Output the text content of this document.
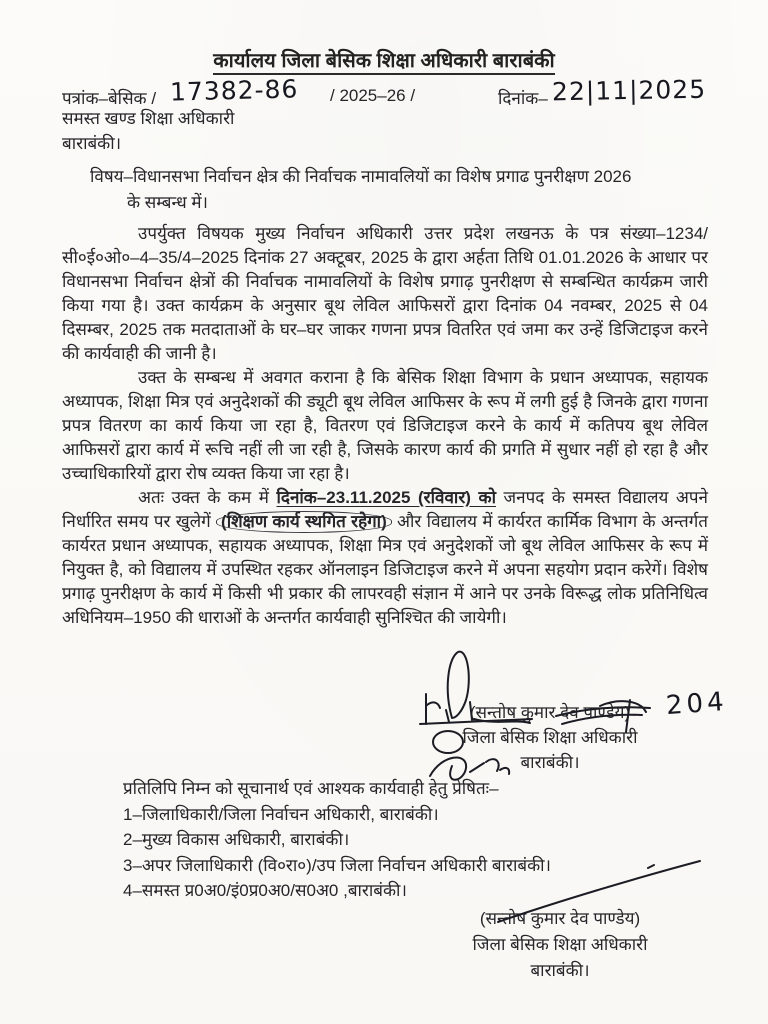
कार्यालय जिला बेसिक शिक्षा अधिकारी बाराबंकी
पत्रांक–बेसिक / 17382-86 / 2025–26 /	दिनांक– 22|11|2025
समस्त खण्ड शिक्षा अधिकारी
बाराबंकी।
विषय–विधानसभा निर्वाचन क्षेत्र की निर्वाचक नामावलियों का विशेष प्रगाढ पुनरीक्षण 2026
के सम्बन्ध में।

उपर्युक्त विषयक मुख्य निर्वाचन अधिकारी उत्तर प्रदेश लखनऊ के पत्र संख्या–1234/सी०ई०ओ०–4–35/4–2025 दिनांक 27 अक्टूबर, 2025 के द्वारा अर्हता तिथि 01.01.2026 के आधार पर विधानसभा निर्वाचन क्षेत्रों की निर्वाचक नामावलियों के विशेष प्रगाढ़ पुनरीक्षण से सम्बन्धित कार्यक्रम जारी किया गया है। उक्त कार्यक्रम के अनुसार बूथ लेविल आफिसरों द्वारा दिनांक 04 नवम्बर, 2025 से 04 दिसम्बर, 2025 तक मतदाताओं के घर–घर जाकर गणना प्रपत्र वितरित एवं जमा कर उन्हें डिजिटाइज करने की कार्यवाही की जानी है।

उक्त के सम्बन्ध में अवगत कराना है कि बेसिक शिक्षा विभाग के प्रधान अध्यापक, सहायक अध्यापक, शिक्षा मित्र एवं अनुदेशकों की ड्यूटी बूथ लेविल आफिसर के रूप में लगी हुई है जिनके द्वारा गणना प्रपत्र वितरण का कार्य किया जा रहा है, वितरण एवं डिजिटाइज करने के कार्य में कतिपय बूथ लेविल आफिसरों द्वारा कार्य में रूचि नहीं ली जा रही है, जिसके कारण कार्य की प्रगति में सुधार नहीं हो रहा है और उच्चाधिकारियों द्वारा रोष व्यक्त किया जा रहा है।

अतः उक्त के कम में दिनांक–23.11.2025 (रविवार) को जनपद के समस्त विद्यालय अपने निर्धारित समय पर खुलेगें (शिक्षण कार्य स्थगित रहेगा) और विद्यालय में कार्यरत कार्मिक विभाग के अन्तर्गत कार्यरत प्रधान अध्यापक, सहायक अध्यापक, शिक्षा मित्र एवं अनुदेशकों जो बूथ लेविल आफिसर के रूप में नियुक्त है, को विद्यालय में उपस्थित रहकर ऑनलाइन डिजिटाइज करने में अपना सहयोग प्रदान करेगें। विशेष प्रगाढ़ पुनरीक्षण के कार्य में किसी भी प्रकार की लापरवही संज्ञान में आने पर उनके विरूद्ध लोक प्रतिनिधित्व अधिनियम–1950 की धाराओं के अन्तर्गत कार्यवाही सुनिश्चित की जायेगी।

(सन्तोष कुमार देव पाण्डेय) 204
जिला बेसिक शिक्षा अधिकारी
बाराबंकी।
प्रतिलिपि निम्न को सूचानार्थ एवं आश्यक कार्यवाही हेतु प्रेषितः–
1–जिलाधिकारी/जिला निर्वाचन अधिकारी, बाराबंकी।
2–मुख्य विकास अधिकारी, बाराबंकी।
3–अपर जिलाधिकारी (वि०रा०)/उप जिला निर्वाचन अधिकारी बाराबंकी।
4–समस्त प्र0अ0/इं0प्र0अ0/स0अ0 ,बाराबंकी।
(सन्तोष कुमार देव पाण्डेय)
जिला बेसिक शिक्षा अधिकारी
बाराबंकी।
